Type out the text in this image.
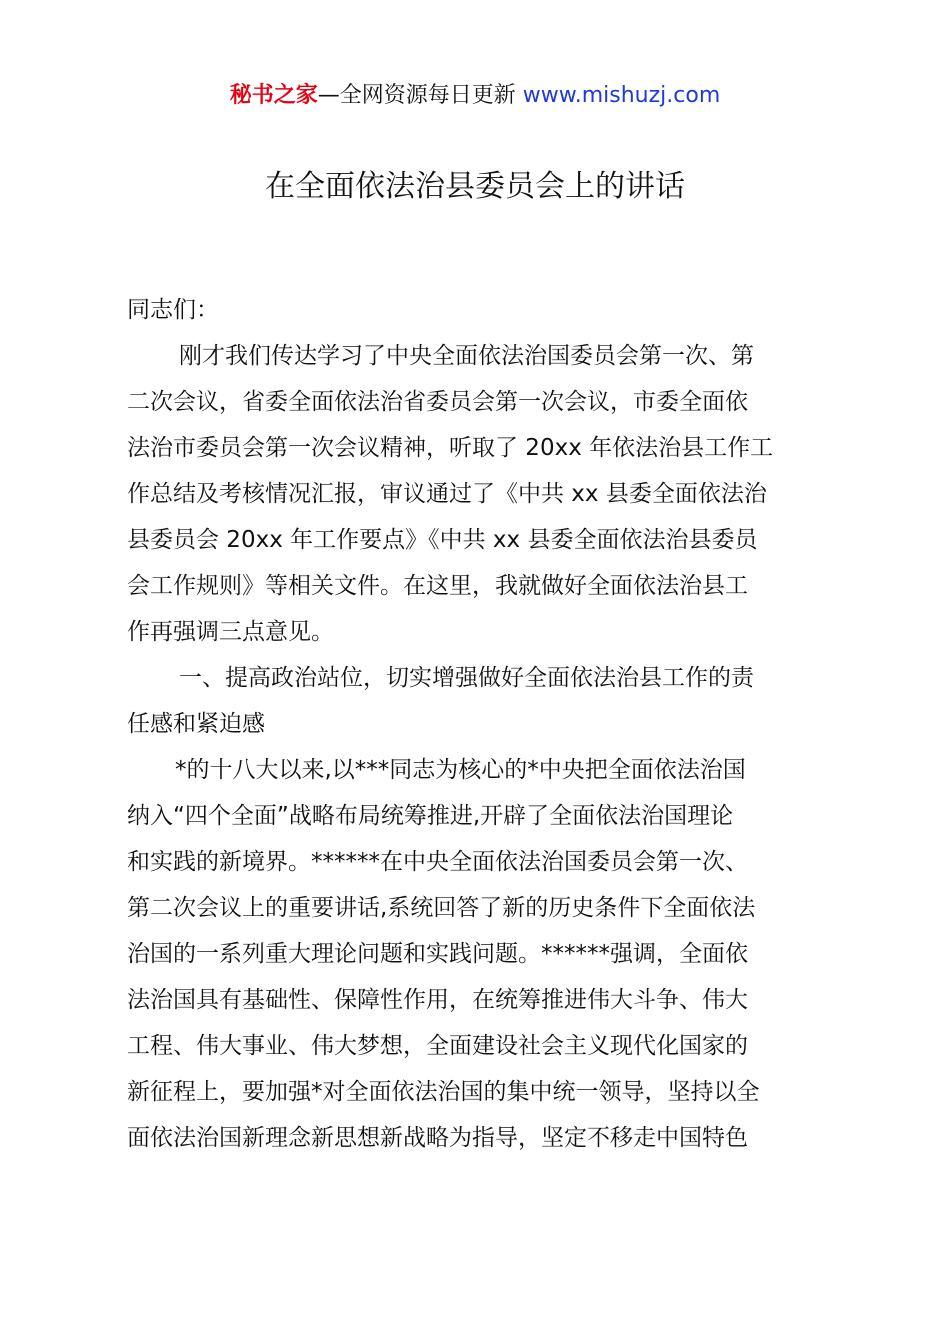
秘书之家—全网资源每日更新 www.mishuzj.com
在全面依法治县委员会上的讲话

同志们：

刚才我们传达学习了中央全面依法治国委员会第一次、第
二次会议，省委全面依法治省委员会第一次会议，市委全面依
法治市委员会第一次会议精神，听取了 20xx 年依法治县工作工
作总结及考核情况汇报，审议通过了《中共 xx 县委全面依法治
县委员会 20xx 年工作要点》《中共 xx 县委全面依法治县委员
会工作规则》等相关文件。在这里，我就做好全面依法治县工
作再强调三点意见。

一、提高政治站位，切实增强做好全面依法治县工作的责
任感和紧迫感

*的十八大以来,以***同志为核心的*中央把全面依法治国
纳入“四个全面”战略布局统筹推进,开辟了全面依法治国理论
和实践的新境界。******在中央全面依法治国委员会第一次、
第二次会议上的重要讲话,系统回答了新的历史条件下全面依法
治国的一系列重大理论问题和实践问题。******强调，全面依
法治国具有基础性、保障性作用，在统筹推进伟大斗争、伟大
工程、伟大事业、伟大梦想，全面建设社会主义现代化国家的
新征程上，要加强*对全面依法治国的集中统一领导，坚持以全
面依法治国新理念新思想新战略为指导，坚定不移走中国特色
